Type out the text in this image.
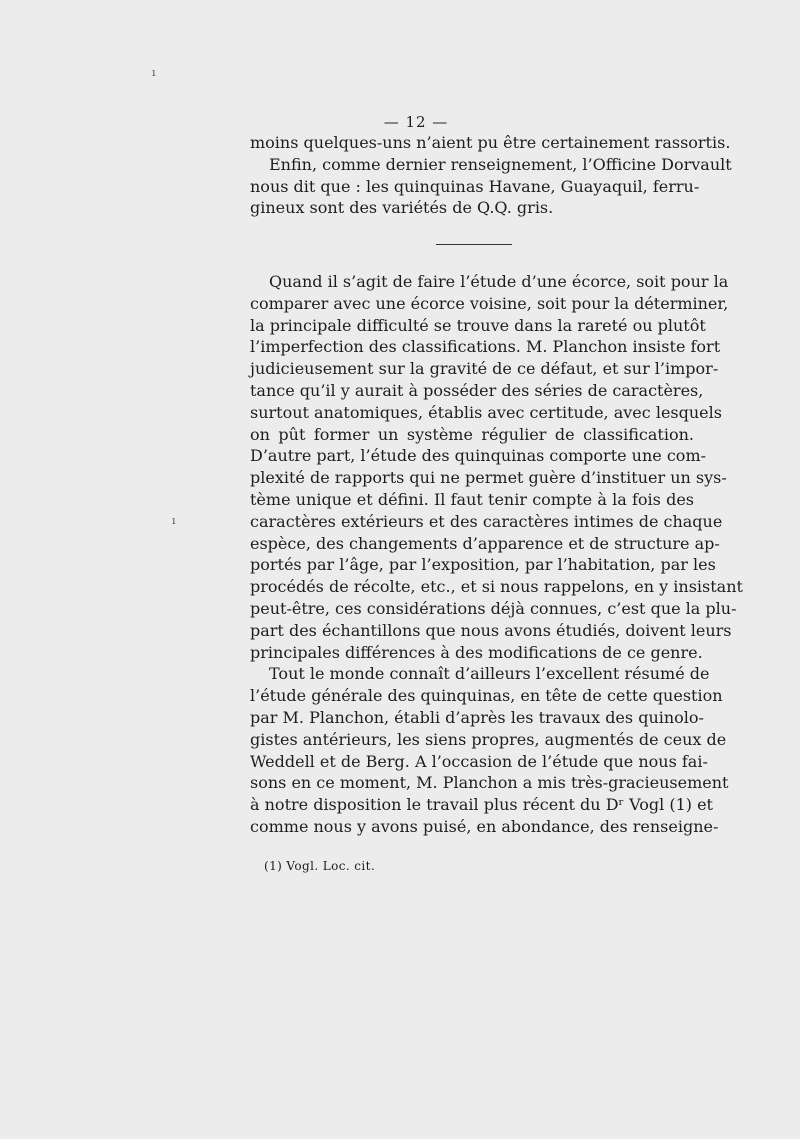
ı
ı
— 12 —
moins quelques-uns n’aient pu être certainement rassortis.
Enfin, comme dernier renseignement, l’Officine Dorvault
nous dit que : les quinquinas Havane, Guayaquil, ferru-
gineux sont des variétés de Q.Q. gris.
Quand il s’agit de faire l’étude d’une écorce, soit pour la
comparer avec une écorce voisine, soit pour la déterminer,
la principale difficulté se trouve dans la rareté ou plutôt
l’imperfection des classifications. M. Planchon insiste fort
judicieusement sur la gravité de ce défaut, et sur l’impor-
tance qu’il y aurait à posséder des séries de caractères,
surtout anatomiques, établis avec certitude, avec lesquels
on pût former un système régulier de classification.
D’autre part, l’étude des quinquinas comporte une com-
plexité de rapports qui ne permet guère d’instituer un sys-
tème unique et défini. Il faut tenir compte à la fois des
caractères extérieurs et des caractères intimes de chaque
espèce, des changements d’apparence et de structure ap-
portés par l’âge, par l’exposition, par l’habitation, par les
procédés de récolte, etc., et si nous rappelons, en y insistant
peut-être, ces considérations déjà connues, c’est que la plu-
part des échantillons que nous avons étudiés, doivent leurs
principales différences à des modifications de ce genre.
Tout le monde connaît d’ailleurs l’excellent résumé de
l’étude générale des quinquinas, en tête de cette question
par M. Planchon, établi d’après les travaux des quinolo-
gistes antérieurs, les siens propres, augmentés de ceux de
Weddell et de Berg. A l’occasion de l’étude que nous fai-
sons en ce moment, M. Planchon a mis très-gracieusement
à notre disposition le travail plus récent du Dʳ Vogl (1) et
comme nous y avons puisé, en abondance, des renseigne-
(1) Vogl. Loc. cit.
